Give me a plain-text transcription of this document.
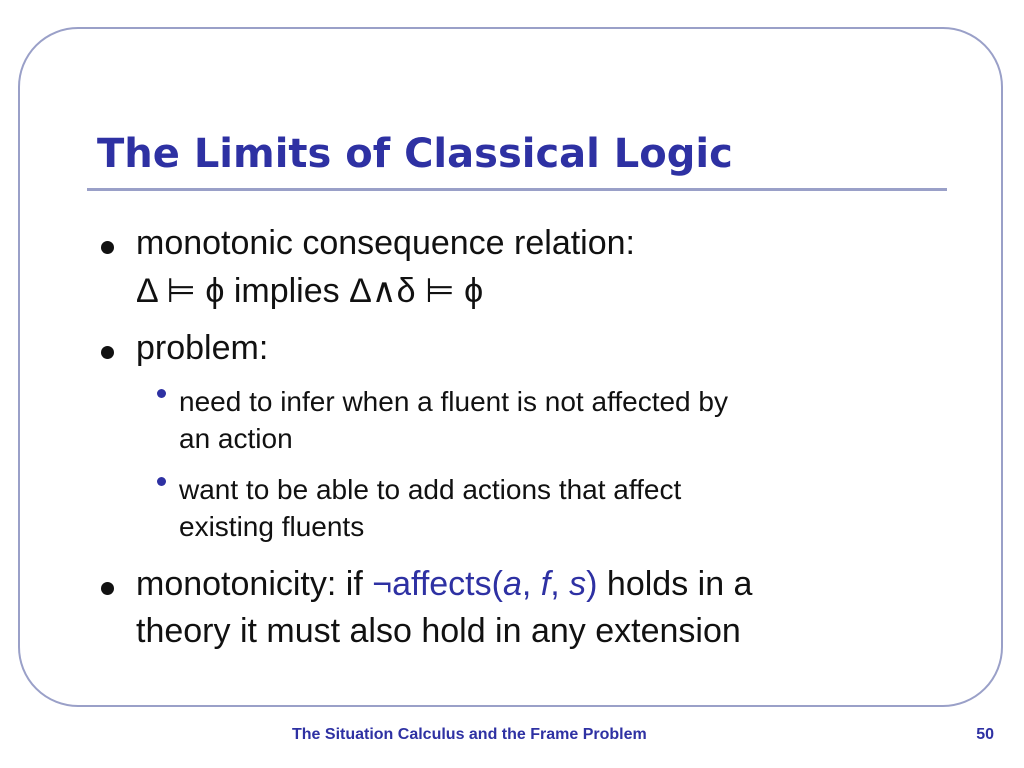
The Limits of Classical Logic
monotonic consequence relation:
Δ ⊨ ϕ implies Δ∧δ ⊨ ϕ
problem:
need to infer when a fluent is not affected by
an action
want to be able to add actions that affect
existing fluents
monotonicity: if ¬affects(a, f, s) holds in a
theory it must also hold in any extension
The Situation Calculus and the Frame Problem	50
